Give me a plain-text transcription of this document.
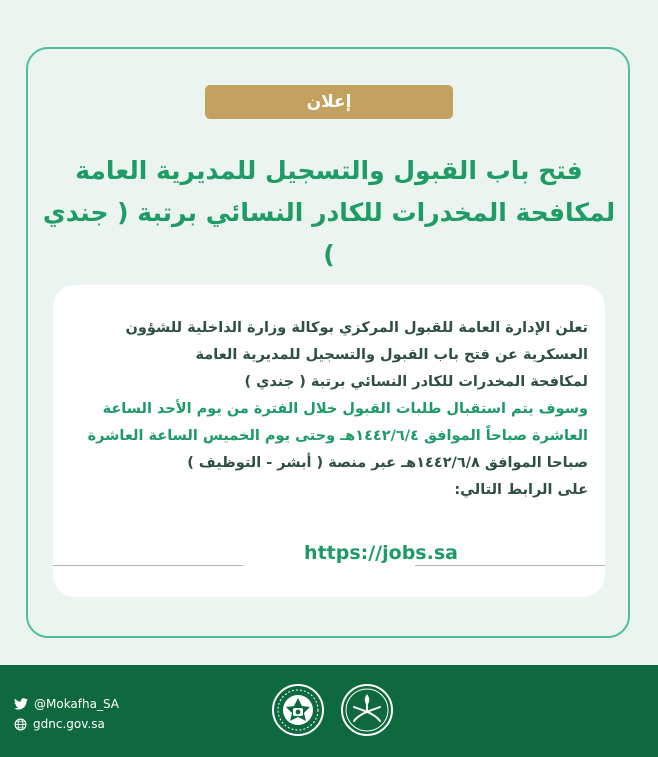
إعلان
فتح باب القبول والتسجيل للمديرية العامة
لمكافحة المخدرات للكادر النسائي برتبة ( جندي )

تعلن الإدارة العامة للقبول المركزي بوكالة وزارة الداخلية للشؤون

العسكرية عن فتح باب القبول والتسجيل للمديرية العامة

لمكافحة المخدرات للكادر النسائي برتبة ( جندي )

وسوف يتم استقبال طلبات القبول خلال الفترة من يوم الأحد الساعة

العاشرة صباحاً الموافق ١٤٤٢/٦/٤هـ وحتى يوم الخميس الساعة العاشرة

صباحا الموافق ١٤٤٢/٦/٨هـ عبر منصة ( أبشر - التوظيف )

على الرابط التالي:

https://jobs.sa
@Mokafha_SA
gdnc.gov.sa
